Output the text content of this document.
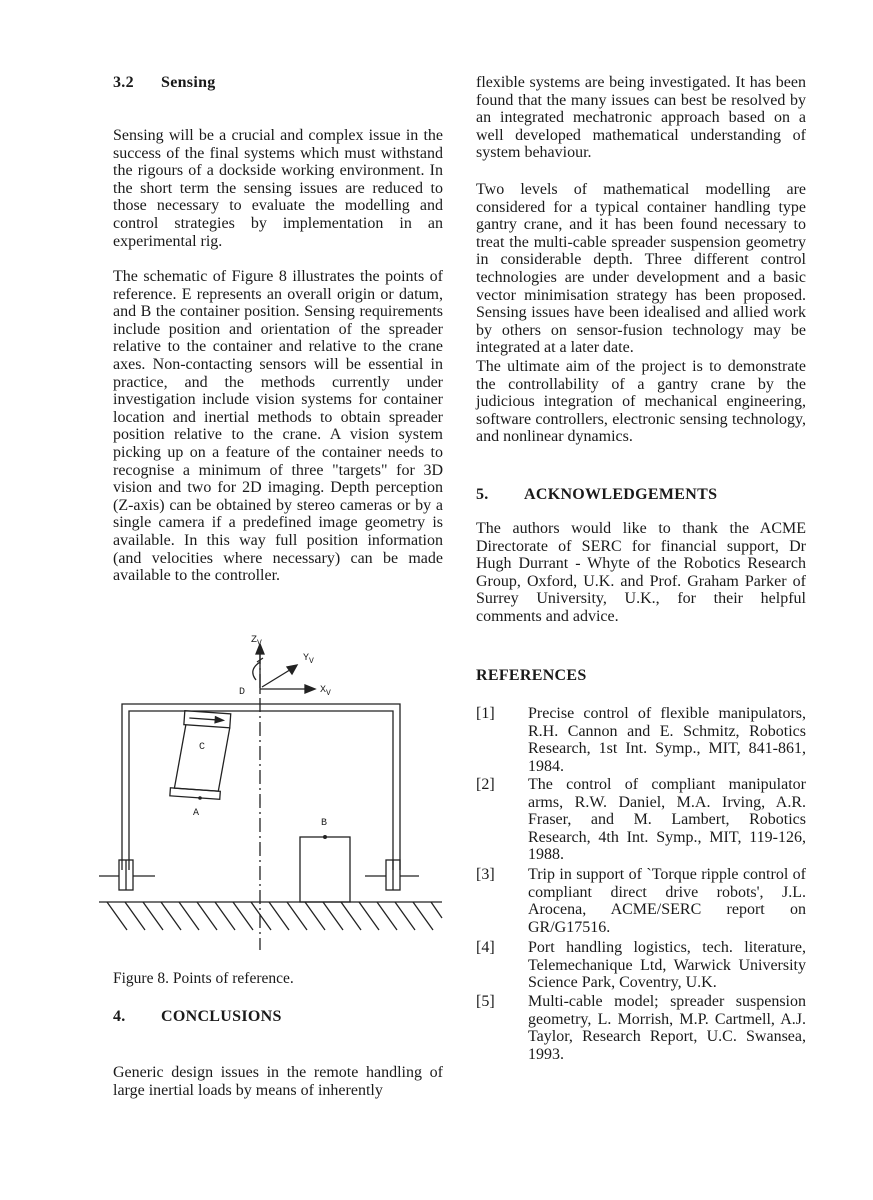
3.2 Sensing

Sensing will be a crucial and complex issue in the success of the final systems which must withstand the rigours of a dockside working environment. In the short term the sensing issues are reduced to those necessary to evaluate the modelling and control strategies by implementation in an experimental rig.

The schematic of Figure 8 illustrates the points of reference. E represents an overall origin or datum, and B the container position. Sensing requirements include position and orientation of the spreader relative to the container and relative to the crane axes. Non-contacting sensors will be essential in practice, and the methods currently under investigation include vision systems for container location and inertial methods to obtain spreader position relative to the crane. A vision system picking up on a feature of the container needs to recognise a minimum of three "targets" for 3D vision and two for 2D imaging. Depth perception (Z-axis) can be obtained by stereo cameras or by a single camera if a predefined image geometry is available. In this way full position information (and velocities where necessary) can be made available to the controller.

Figure 8. Points of reference.
4. CONCLUSIONS

Generic design issues in the remote handling of large inertial loads by means of inherently

$Z_V$
$Y_V$
$X_V$
D
C
A
B

flexible systems are being investigated. It has been found that the many issues can best be resolved by an integrated mechatronic approach based on a well developed mathematical understanding of system behaviour.

Two levels of mathematical modelling are considered for a typical container handling type gantry crane, and it has been found necessary to treat the multi-cable spreader suspension geometry in considerable depth. Three different control technologies are under development and a basic vector minimisation strategy has been proposed. Sensing issues have been idealised and allied work by others on sensor-fusion technology may be integrated at a later date.

The ultimate aim of the project is to demonstrate the controllability of a gantry crane by the judicious integration of mechanical engineering, software controllers, electronic sensing technology, and nonlinear dynamics.

5. ACKNOWLEDGEMENTS

The authors would like to thank the ACME Directorate of SERC for financial support, Dr Hugh Durrant - Whyte of the Robotics Research Group, Oxford, U.K. and Prof. Graham Parker of Surrey University, U.K., for their helpful comments and advice.

REFERENCES
[1]	Precise control of flexible manipulators, R.H. Cannon and E. Schmitz, Robotics Research, 1st Int. Symp., MIT, 841-861, 1984.
[2]	The control of compliant manipulator arms, R.W. Daniel, M.A. Irving, A.R. Fraser, and M. Lambert, Robotics Research, 4th Int. Symp., MIT, 119-126, 1988.
[3]	Trip in support of `Torque ripple control of compliant direct drive robots', J.L. Arocena, ACME/SERC report on GR/G17516.
[4]	Port handling logistics, tech. literature, Telemechanique Ltd, Warwick University Science Park, Coventry, U.K.
[5]	Multi-cable model; spreader suspension geometry, L. Morrish, M.P. Cartmell, A.J. Taylor, Research Report, U.C. Swansea, 1993.
